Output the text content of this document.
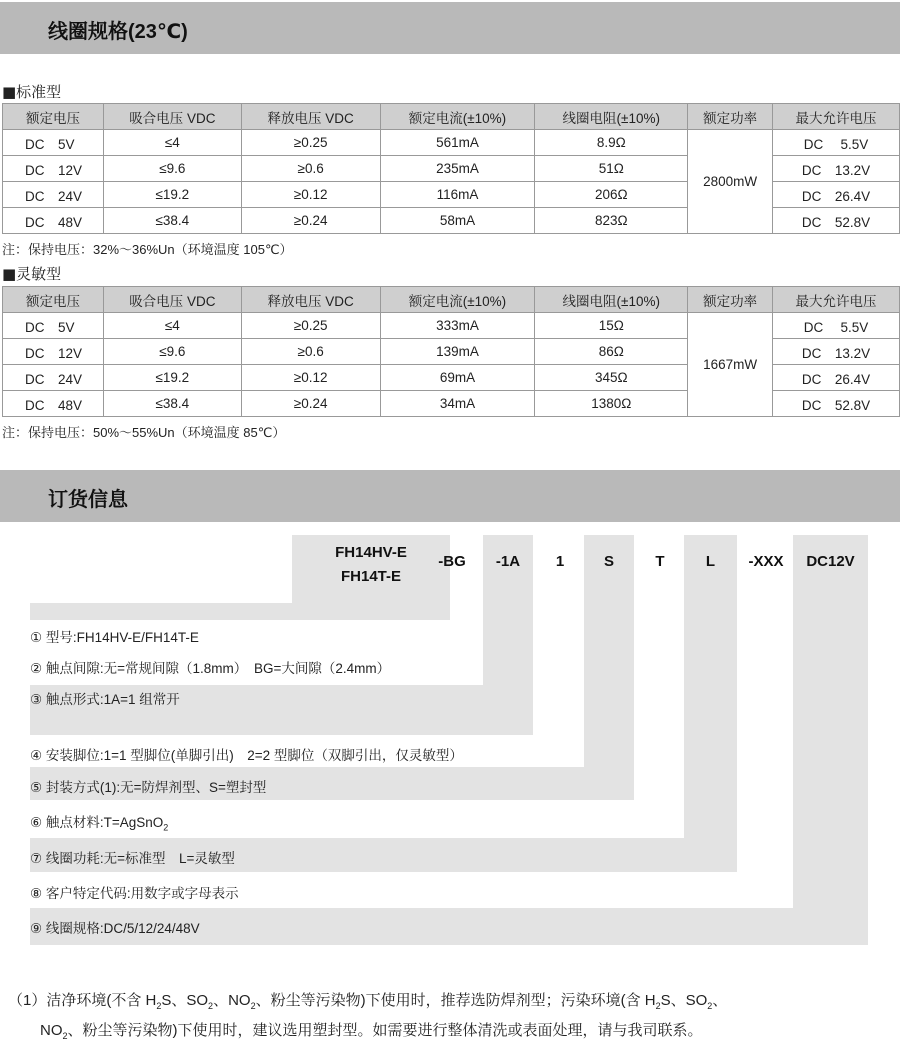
线圈规格(23℃)
■标准型
额定电压	吸合电压 VDC	释放电压 VDC	额定电流(±10%)	线圈电阻(±10%)	额定功率	最大允许电压
DC　5V	≤4	≥0.25	561mA	8.9Ω	2800mW	DC　 5.5V
DC　12V	≤9.6	≥0.6	235mA	51Ω		DC　13.2V
DC　24V	≤19.2	≥0.12	116mA	206Ω		DC　26.4V
DC　48V	≤38.4	≥0.24	58mA	823Ω		DC　52.8V
注：保持电压：32%～36%Un（环境温度 105℃）
■灵敏型
额定电压	吸合电压 VDC	释放电压 VDC	额定电流(±10%)	线圈电阻(±10%)	额定功率	最大允许电压
DC　5V	≤4	≥0.25	333mA	15Ω	1667mW	DC　 5.5V
DC　12V	≤9.6	≥0.6	139mA	86Ω		DC　13.2V
DC　24V	≤19.2	≥0.12	69mA	345Ω		DC　26.4V
DC　48V	≤38.4	≥0.24	34mA	1380Ω		DC　52.8V
注：保持电压：50%～55%Un（环境温度 85℃）
订货信息
FH14HV-E
FH14T-E
-BG	-1A	1	S	T	L	-XXX	DC12V
① 型号:FH14HV-E/FH14T-E
② 触点间隙:无=常规间隙（1.8mm）　BG=大间隙（2.4mm）
③ 触点形式:1A=1 组常开
④ 安装脚位:1=1 型脚位(单脚引出)　2=2 型脚位（双脚引出，仅灵敏型）
⑤ 封装方式(1):无=防焊剂型、S=塑封型
⑥ 触点材料:T=AgSnO$_2$
⑦ 线圈功耗:无=标准型　L=灵敏型
⑧ 客户特定代码:用数字或字母表示
⑨ 线圈规格:DC/5/12/24/48V
（1）洁净环境(不含 $H_2S$、$SO_2$、$NO_2$、粉尘等污染物)下使用时，推荐选防焊剂型；污染环境(含 $H_2S$、$SO_2$、
$NO_2$、粉尘等污染物)下使用时，建议选用塑封型。如需要进行整体清洗或表面处理，请与我司联系。
